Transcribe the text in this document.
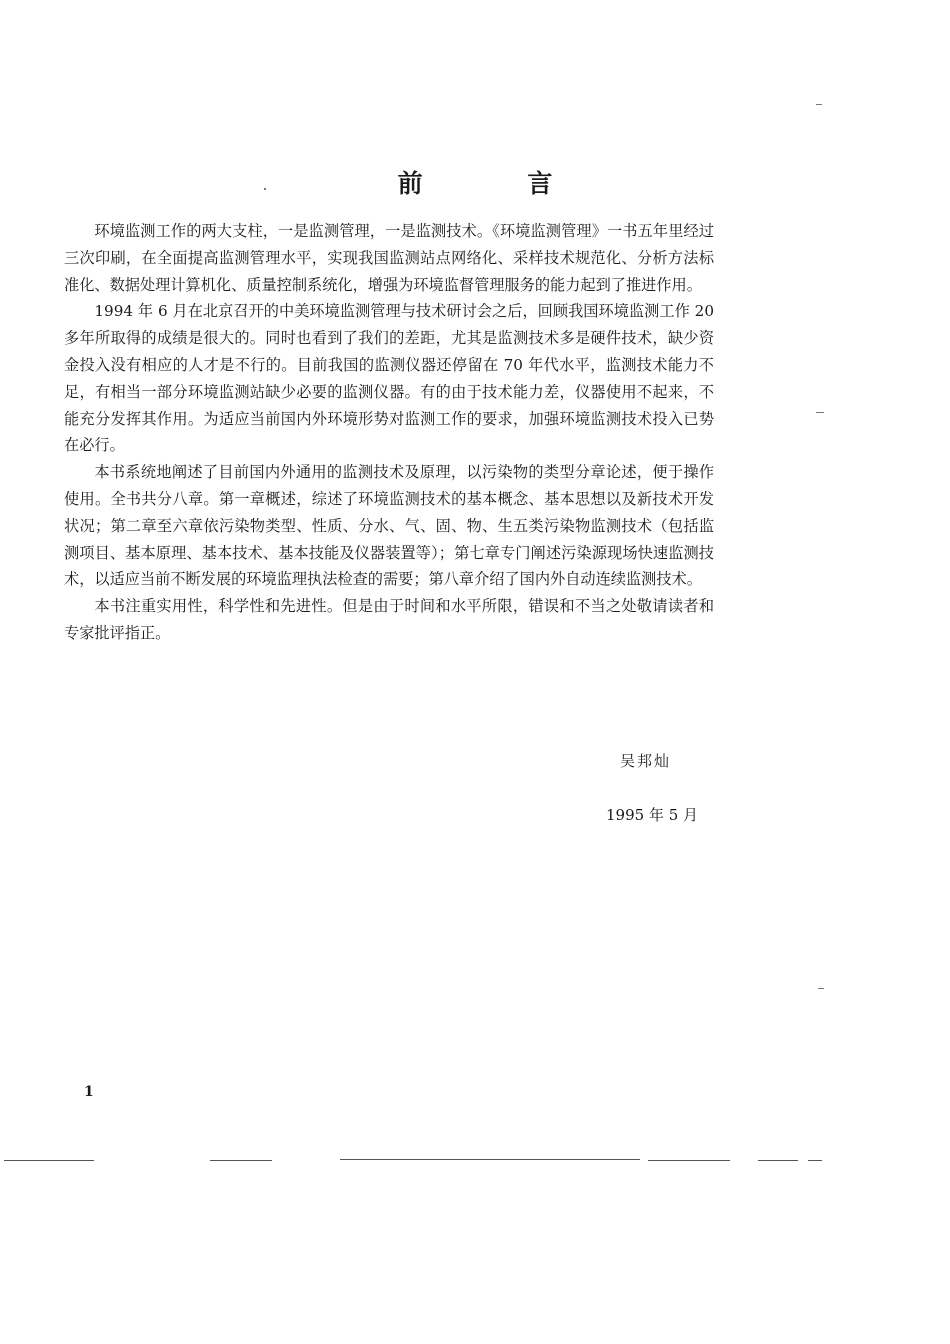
前 言

环境监测工作的两大支柱，一是监测管理，一是监测技术。《环境监测管理》一书五年里经过三次印刷，在全面提高监测管理水平，实现我国监测站点网络化、采样技术规范化、分析方法标准化、数据处理计算机化、质量控制系统化，增强为环境监督管理服务的能力起到了推进作用。

1994 年 6 月在北京召开的中美环境监测管理与技术研讨会之后，回顾我国环境监测工作 20 多年所取得的成绩是很大的。同时也看到了我们的差距，尤其是监测技术多是硬件技术，缺少资金投入没有相应的人才是不行的。目前我国的监测仪器还停留在 70 年代水平，监测技术能力不足，有相当一部分环境监测站缺少必要的监测仪器。有的由于技术能力差，仪器使用不起来，不能充分发挥其作用。为适应当前国内外环境形势对监测工作的要求，加强环境监测技术投入已势在必行。

本书系统地阐述了目前国内外通用的监测技术及原理，以污染物的类型分章论述，便于操作使用。全书共分八章。第一章概述，综述了环境监测技术的基本概念、基本思想以及新技术开发状况；第二章至六章依污染物类型、性质、分水、气、固、物、生五类污染物监测技术（包括监测项目、基本原理、基本技术、基本技能及仪器装置等）；第七章专门阐述污染源现场快速监测技术，以适应当前不断发展的环境监理执法检查的需要；第八章介绍了国内外自动连续监测技术。

本书注重实用性，科学性和先进性。但是由于时间和水平所限，错误和不当之处敬请读者和专家批评指正。

吴邦灿
1995 年 5 月
1
